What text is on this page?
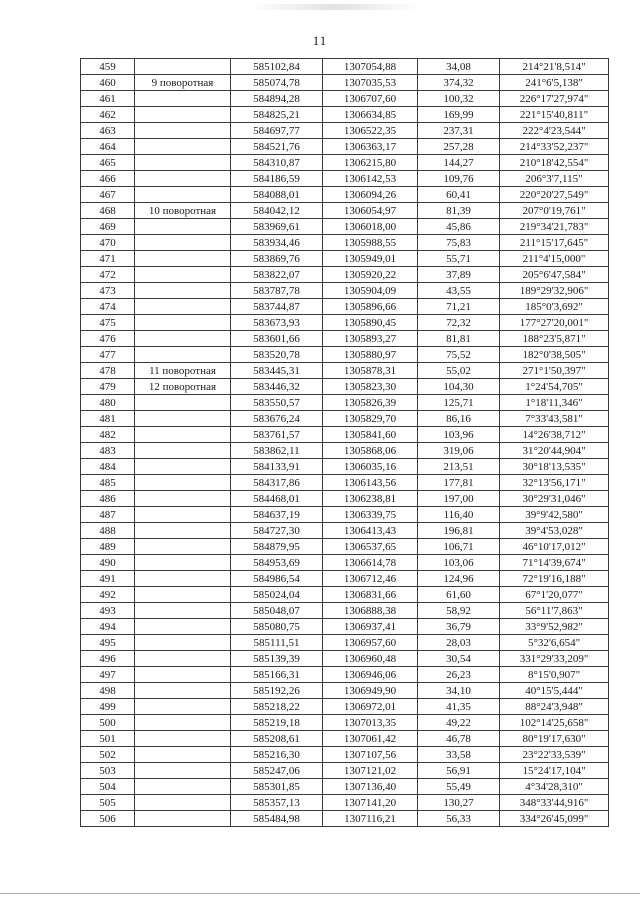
11
459		585102,84	1307054,88	34,08	214°21'8,514"
460	9 поворотная	585074,78	1307035,53	374,32	241°6'5,138"
461		584894,28	1306707,60	100,32	226°17'27,974"
462		584825,21	1306634,85	169,99	221°15'40,811"
463		584697,77	1306522,35	237,31	222°4'23,544"
464		584521,76	1306363,17	257,28	214°33'52,237"
465		584310,87	1306215,80	144,27	210°18'42,554"
466		584186,59	1306142,53	109,76	206°3'7,115"
467		584088,01	1306094,26	60,41	220°20'27,549"
468	10 поворотная	584042,12	1306054,97	81,39	207°0'19,761"
469		583969,61	1306018,00	45,86	219°34'21,783"
470		583934,46	1305988,55	75,83	211°15'17,645"
471		583869,76	1305949,01	55,71	211°4'15,000"
472		583822,07	1305920,22	37,89	205°6'47,584"
473		583787,78	1305904,09	43,55	189°29'32,906"
474		583744,87	1305896,66	71,21	185°0'3,692"
475		583673,93	1305890,45	72,32	177°27'20,001"
476		583601,66	1305893,27	81,81	188°23'5,871"
477		583520,78	1305880,97	75,52	182°0'38,505"
478	11 поворотная	583445,31	1305878,31	55,02	271°1'50,397"
479	12 поворотная	583446,32	1305823,30	104,30	1°24'54,705"
480		583550,57	1305826,39	125,71	1°18'11,346"
481		583676,24	1305829,70	86,16	7°33'43,581"
482		583761,57	1305841,60	103,96	14°26'38,712"
483		583862,11	1305868,06	319,06	31°20'44,904"
484		584133,91	1306035,16	213,51	30°18'13,535"
485		584317,86	1306143,56	177,81	32°13'56,171"
486		584468,01	1306238,81	197,00	30°29'31,046"
487		584637,19	1306339,75	116,40	39°9'42,580"
488		584727,30	1306413,43	196,81	39°4'53,028"
489		584879,95	1306537,65	106,71	46°10'17,012"
490		584953,69	1306614,78	103,06	71°14'39,674"
491		584986,54	1306712,46	124,96	72°19'16,188"
492		585024,04	1306831,66	61,60	67°1'20,077"
493		585048,07	1306888,38	58,92	56°11'7,863"
494		585080,75	1306937,41	36,79	33°9'52,982"
495		585111,51	1306957,60	28,03	5°32'6,654"
496		585139,39	1306960,48	30,54	331°29'33,209"
497		585166,31	1306946,06	26,23	8°15'0,907"
498		585192,26	1306949,90	34,10	40°15'5,444"
499		585218,22	1306972,01	41,35	88°24'3,948"
500		585219,18	1307013,35	49,22	102°14'25,658"
501		585208,61	1307061,42	46,78	80°19'17,630"
502		585216,30	1307107,56	33,58	23°22'33,539"
503		585247,06	1307121,02	56,91	15°24'17,104"
504		585301,85	1307136,40	55,49	4°34'28,310"
505		585357,13	1307141,20	130,27	348°33'44,916"
506		585484,98	1307116,21	56,33	334°26'45,099"
